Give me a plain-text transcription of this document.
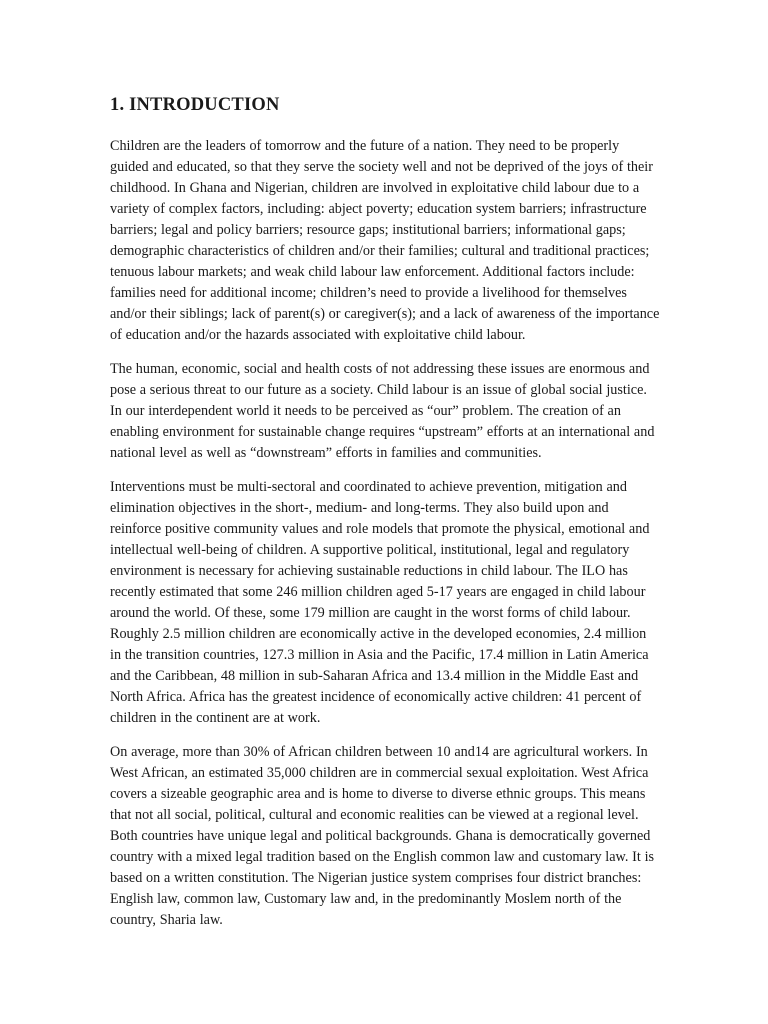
1. INTRODUCTION

Children are the leaders of tomorrow and the future of a nation. They need to be properly guided and educated, so that they serve the society well and not be deprived of the joys of their childhood. In Ghana and Nigerian, children are involved in exploitative child labour due to a variety of complex factors, including: abject poverty; education system barriers; infrastructure barriers; legal and policy barriers; resource gaps; institutional barriers; informational gaps; demographic characteristics of children and/or their families; cultural and traditional practices; tenuous labour markets; and weak child labour law enforcement. Additional factors include: families need for additional income; children’s need to provide a livelihood for themselves and/or their siblings; lack of parent(s) or caregiver(s); and a lack of awareness of the importance of education and/or the hazards associated with exploitative child labour.

The human, economic, social and health costs of not addressing these issues are enormous and pose a serious threat to our future as a society. Child labour is an issue of global social justice. In our interdependent world it needs to be perceived as “our” problem. The creation of an enabling environment for sustainable change requires “upstream” efforts at an international and national level as well as “downstream” efforts in families and communities.

Interventions must be multi-sectoral and coordinated to achieve prevention, mitigation and elimination objectives in the short-, medium- and long-terms. They also build upon and reinforce positive community values and role models that promote the physical, emotional and intellectual well-being of children. A supportive political, institutional, legal and regulatory environment is necessary for achieving sustainable reductions in child labour. The ILO has recently estimated that some 246 million children aged 5-17 years are engaged in child labour around the world. Of these, some 179 million are caught in the worst forms of child labour. Roughly 2.5 million children are economically active in the developed economies, 2.4 million in the transition countries, 127.3 million in Asia and the Pacific, 17.4 million in Latin America and the Caribbean, 48 million in sub-Saharan Africa and 13.4 million in the Middle East and North Africa. Africa has the greatest incidence of economically active children: 41 percent of children in the continent are at work.

On average, more than 30% of African children between 10 and14 are agricultural workers. In West African, an estimated 35,000 children are in commercial sexual exploitation. West Africa covers a sizeable geographic area and is home to diverse to diverse ethnic groups. This means that not all social, political, cultural and economic realities can be viewed at a regional level. Both countries have unique legal and political backgrounds. Ghana is democratically governed country with a mixed legal tradition based on the English common law and customary law. It is based on a written constitution. The Nigerian justice system comprises four district branches: English law, common law, Customary law and, in the predominantly Moslem north of the country, Sharia law.
